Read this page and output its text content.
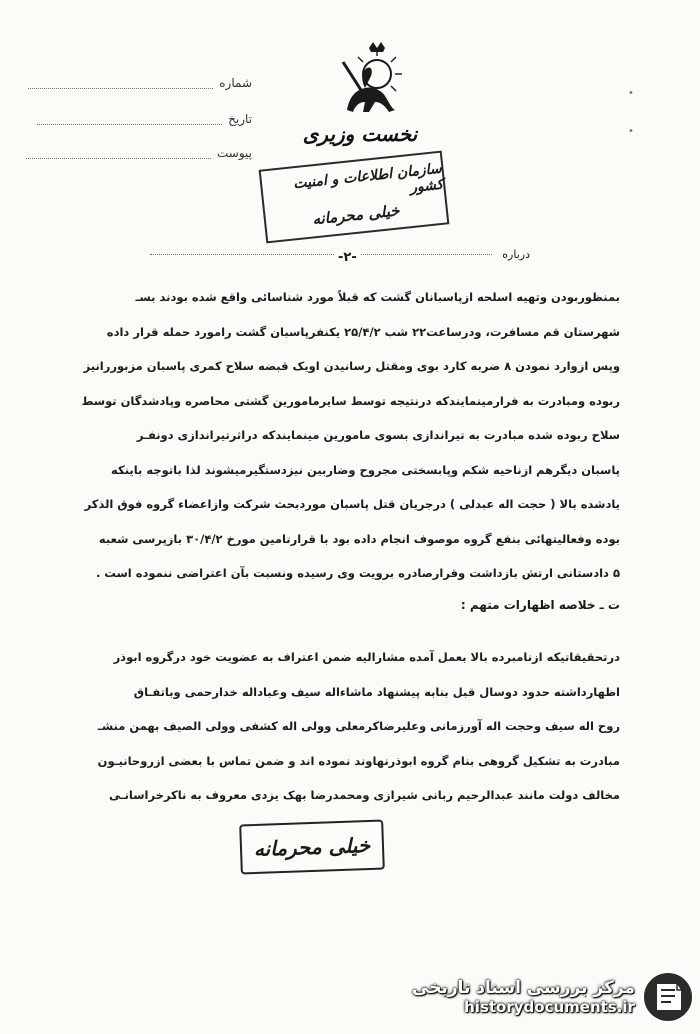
شماره
تاریخ
پیوست
•
•
نخست وزیری
سازمان اطلاعات و امنیت کشور
خیلی محرمانه
درباره
-۲-

بمنظوربودن وتهیه اسلحه ازپاسبانان گشت که قبلاً مورد شناسائی واقع شده بودند بسـ

شهرستان قم مسافرت، ودرساعت۲۲ شب ۲۵/۴/۲ یکنفرپاسبان گشت رامورد حمله قرار داده

وپس ازوارد نمودن ۸ ضربه کارد بوی ومقتل رسانیدن اویک قبضه سلاح کمری پاسبان مزبوررانیز

ربوده ومبادرت به فرارمینمایندکه درنتیجه توسط سایرمامورین گشتی محاصره وپادشدگان توسط

سلاح ربوده شده مبادرت به تیراندازی بسوی مامورین مینمایندکه دراثرتیراندازی دونفـر

پاسبان دیگرهم ازناحیه شکم وپابسختی مجروح وضاربین نیزدستگیرمیشوند لذا باتوجه باینکه

یادشده بالا ( حجت اله عبدلی ) درجریان قتل پاسبان موردبحث شرکت وازاعضاء گروه فوق الذکر

بوده وفعالیتهائی بنفع گروه موصوف انجام داده بود با قرارتامین مورخ ۳۰/۴/۲ بازپرسی شعبه

۵ دادستانی ارتش بازداشت وقرارصادره برویت وی رسیده ونسبت بآن اعتراضی ننموده است .

ت ـ خلاصه اظهارات متهم :

درتحقیقاتیکه ازنامبرده بالا بعمل آمده مشارالیه ضمن اعتراف به عضویت خود درگروه ابوذر

اظهارداشته حدود دوسال قبل بنابه پیشنهاد ماشاءاله سیف وعباداله خدارحمی وباتفـاق

روح اله سیف وحجت اله آورزمانی وعلیرضاکرمعلی وولی اله کشفی وولی الصیف بهمن منشـ

مبادرت به تشکیل گروهی بنام گروه ابوذرنهاوند نموده اند و ضمن تماس با بعضی ازروحانیـون

مخالف دولت مانند عبدالرحیم ربانی شیرازی ومحمدرضا بهک یزدی معروف به ناکرخراسانـی

خیلی محرمانه
مرکز بررسی اسناد تاریخی
historydocuments.ir
